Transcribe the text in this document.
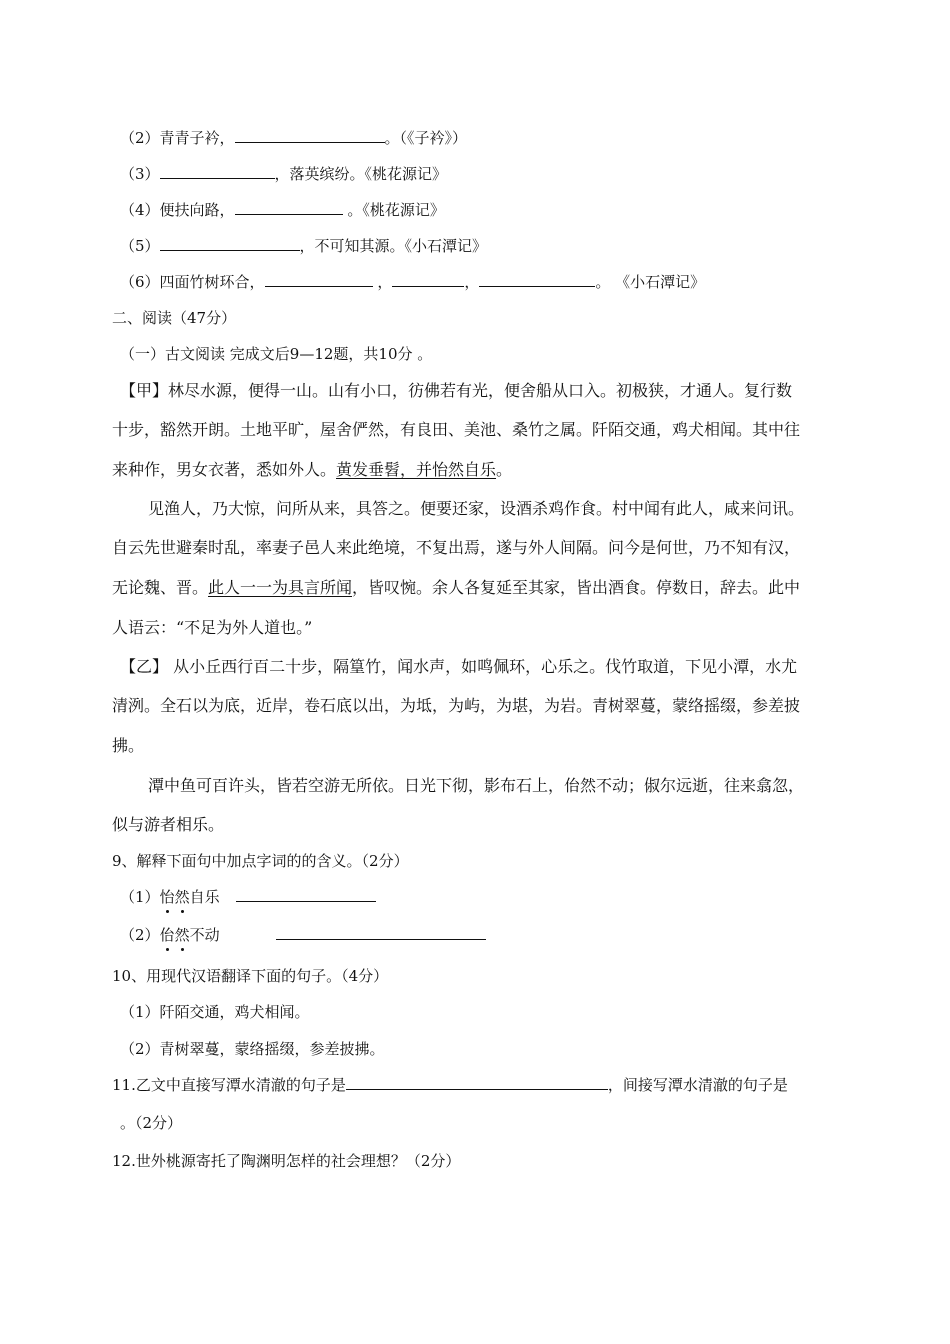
（2）青青子衿，	。（《子衿》）
（3）	，落英缤纷。《桃花源记》
（4）便扶向路，	。《桃花源记》
（5）	，不可知其源。《小石潭记》
（6）四面竹树环合，	，	，	。 《小石潭记》
二、阅读（47分）
（一）古文阅读 完成文后9—12题，共10分 。
【甲】林尽水源，便得一山。山有小口，彷佛若有光，便舍船从口入。初极狭，才通人。复行数
十步，豁然开朗。土地平旷，屋舍俨然，有良田、美池、桑竹之属。阡陌交通，鸡犬相闻。其中往
来种作，男女衣著，悉如外人。黄发垂髫，并怡然自乐。
见渔人，乃大惊，问所从来，具答之。便要还家，设酒杀鸡作食。村中闻有此人，咸来问讯。
自云先世避秦时乱，率妻子邑人来此绝境，不复出焉，遂与外人间隔。问今是何世，乃不知有汉，
无论魏、晋。此人一一为具言所闻，皆叹惋。余人各复延至其家，皆出酒食。停数日，辞去。此中
人语云：“不足为外人道也。”
【乙】 从小丘西行百二十步，隔篁竹，闻水声，如鸣佩环，心乐之。伐竹取道，下见小潭，水尤
清洌。全石以为底，近岸，卷石底以出，为坻，为屿，为堪，为岩。青树翠蔓，蒙络摇缀，参差披
拂。
潭中鱼可百许头，皆若空游无所依。日光下彻，影布石上，佁然不动；俶尔远逝，往来翕忽，
似与游者相乐。
9、解释下面句中加点字词的的含义。（2分）
（1）怡然自乐
（2）佁然不动
10、用现代汉语翻译下面的句子。（4分）
（1）阡陌交通，鸡犬相闻。
（2）青树翠蔓，蒙络摇缀，参差披拂。
11.乙文中直接写潭水清澈的句子是	，间接写潭水清澈的句子是
。（2分）
12.世外桃源寄托了陶渊明怎样的社会理想？（2分）
